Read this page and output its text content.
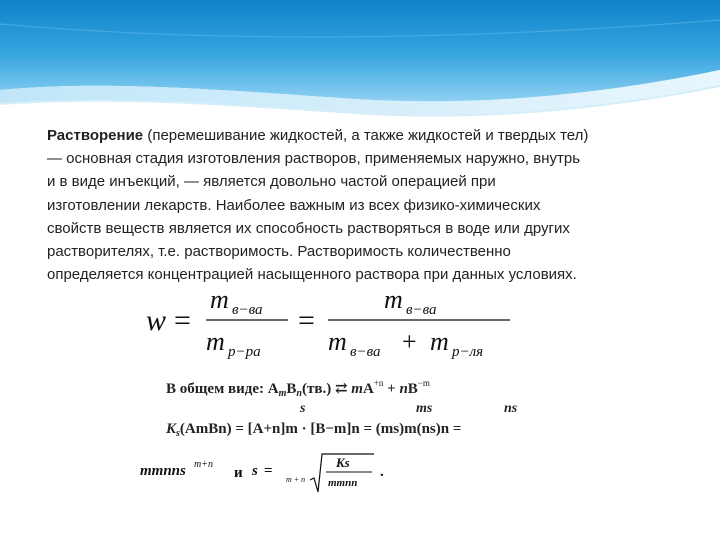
Растворение (перемешивание жидкостей, а также жидкостей и твердых тел)
— основная стадия изготовления растворов, применяемых наружно, внутрь
и в виде инъекций, — является довольно частой операцией при
изготовлении лекарств. Наиболее важным из всех физико-химических
свойств веществ является их способность растворяться в воде или других
растворителях, т.е. растворимость. Растворимость количественно
определяется концентрацией насыщенного раствора при данных условиях.
w =
m в−ва
m р−ра
=
m в−ва
m в−ва + m р−ля
В общем виде: $A_mB_n(тв.)$ ⇄ $mA^{+n} + nB^{-m}$
s	ms	ns
$K_s(AmBn) = [A+n]m \cdot [B-m]n = (ms)m(ns)n$ =
mmnns m+n
и s =
m + n
Ks
mmnn
.
